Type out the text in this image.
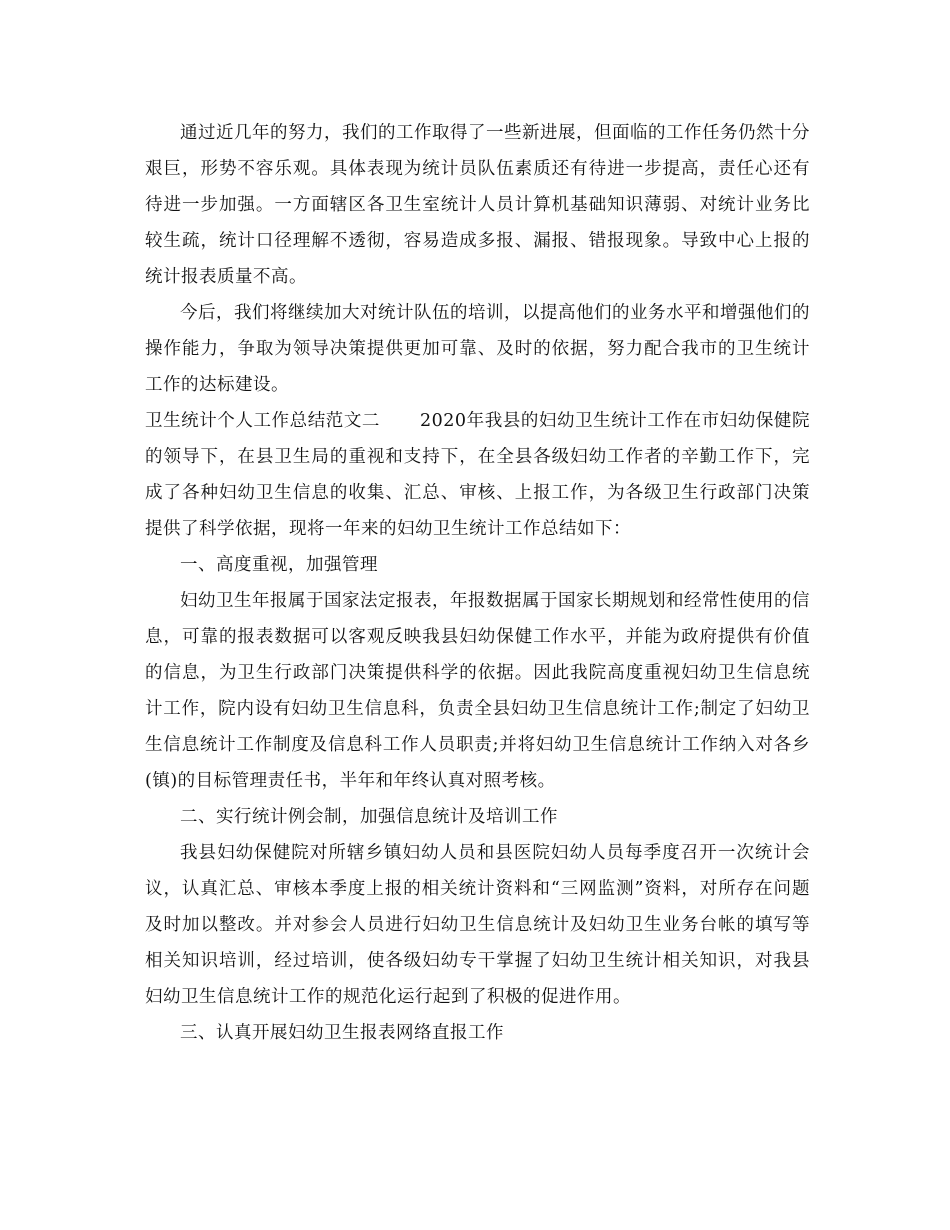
通过近几年的努力，我们的工作取得了一些新进展，但面临的工作任务仍然十分艰巨，形势不容乐观。具体表现为统计员队伍素质还有待进一步提高，责任心还有待进一步加强。一方面辖区各卫生室统计人员计算机基础知识薄弱、对统计业务比较生疏，统计口径理解不透彻，容易造成多报、漏报、错报现象。导致中心上报的统计报表质量不高。

今后，我们将继续加大对统计队伍的培训，以提高他们的业务水平和增强他们的操作能力，争取为领导决策提供更加可靠、及时的依据，努力配合我市的卫生统计工作的达标建设。

卫生统计个人工作总结范文二 2020年我县的妇幼卫生统计工作在市妇幼保健院的领导下，在县卫生局的重视和支持下，在全县各级妇幼工作者的辛勤工作下，完成了各种妇幼卫生信息的收集、汇总、审核、上报工作，为各级卫生行政部门决策提供了科学依据，现将一年来的妇幼卫生统计工作总结如下：

一、高度重视，加强管理

妇幼卫生年报属于国家法定报表，年报数据属于国家长期规划和经常性使用的信息，可靠的报表数据可以客观反映我县妇幼保健工作水平，并能为政府提供有价值的信息，为卫生行政部门决策提供科学的依据。因此我院高度重视妇幼卫生信息统计工作，院内设有妇幼卫生信息科，负责全县妇幼卫生信息统计工作;制定了妇幼卫生信息统计工作制度及信息科工作人员职责;并将妇幼卫生信息统计工作纳入对各乡(镇)的目标管理责任书，半年和年终认真对照考核。

二、实行统计例会制，加强信息统计及培训工作

我县妇幼保健院对所辖乡镇妇幼人员和县医院妇幼人员每季度召开一次统计会议，认真汇总、审核本季度上报的相关统计资料和“三网监测”资料，对所存在问题及时加以整改。并对参会人员进行妇幼卫生信息统计及妇幼卫生业务台帐的填写等相关知识培训，经过培训，使各级妇幼专干掌握了妇幼卫生统计相关知识，对我县妇幼卫生信息统计工作的规范化运行起到了积极的促进作用。

三、认真开展妇幼卫生报表网络直报工作
